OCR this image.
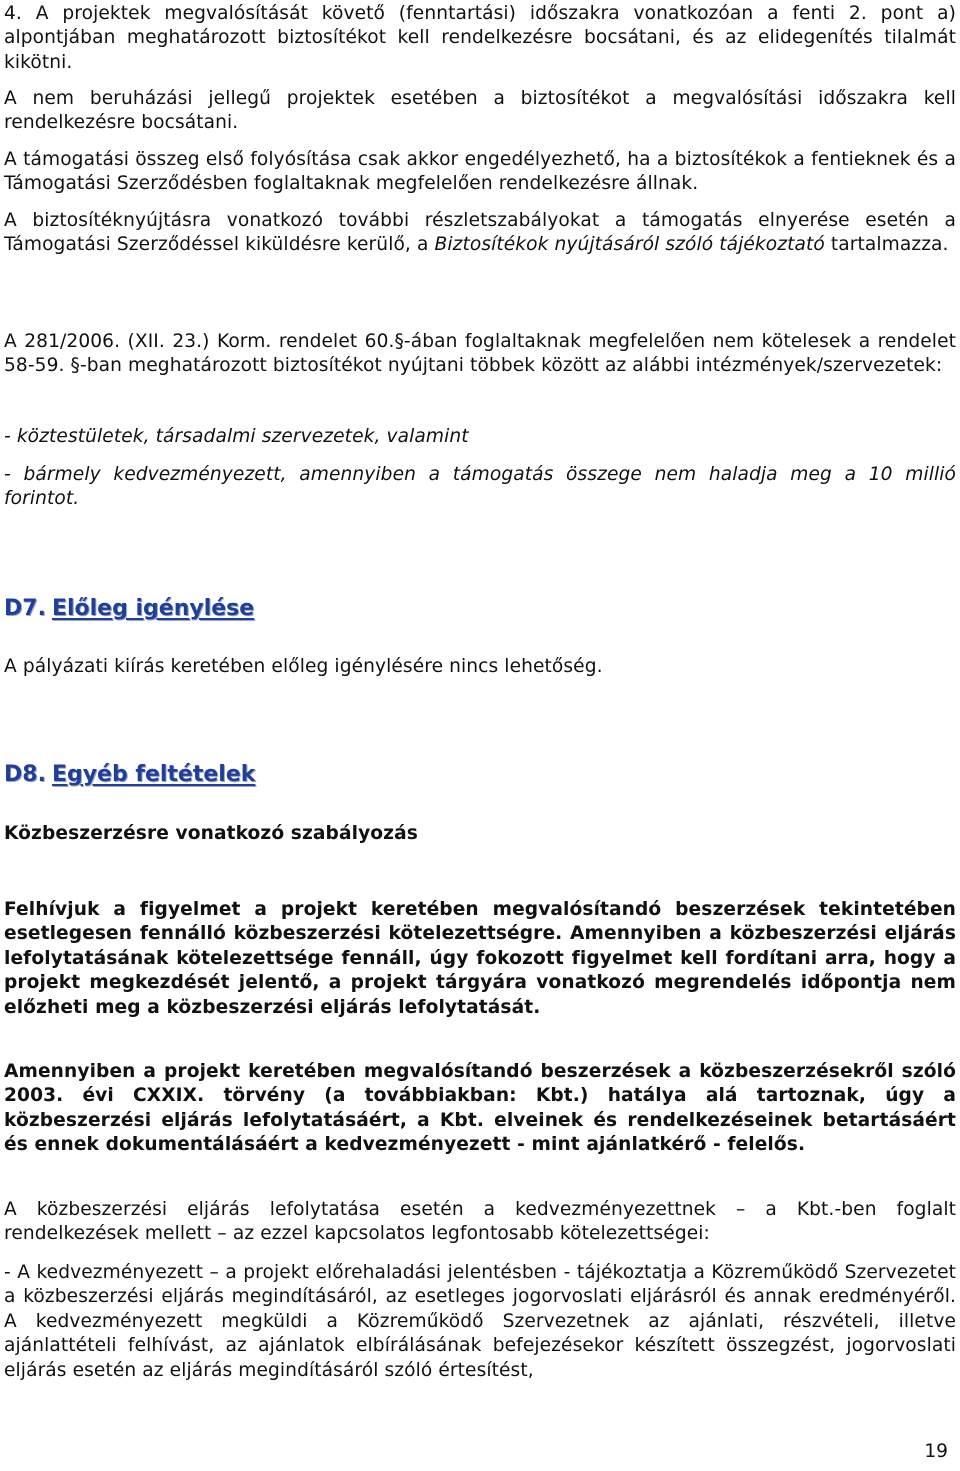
4. A projektek megvalósítását követő (fenntartási) időszakra vonatkozóan a fenti 2. pont a) alpontjában meghatározott biztosítékot kell rendelkezésre bocsátani, és az elidegenítés tilalmát kikötni.

A nem beruházási jellegű projektek esetében a biztosítékot a megvalósítási időszakra kell rendelkezésre bocsátani.

A támogatási összeg első folyósítása csak akkor engedélyezhető, ha a biztosítékok a fentieknek és a Támogatási Szerződésben foglaltaknak megfelelően rendelkezésre állnak.

A biztosítéknyújtásra vonatkozó további részletszabályokat a támogatás elnyerése esetén a Támogatási Szerződéssel kiküldésre kerülő, a Biztosítékok nyújtásáról szóló tájékoztató tartalmazza.

A 281/2006. (XII. 23.) Korm. rendelet 60.§-ában foglaltaknak megfelelően nem kötelesek a rendelet 58-59. §-ban meghatározott biztosítékot nyújtani többek között az alábbi intézmények/szervezetek:

- köztestületek, társadalmi szervezetek, valamint

- bármely kedvezményezett, amennyiben a támogatás összege nem haladja meg a 10 millió forintot.

D7. Előleg igénylése

A pályázati kiírás keretében előleg igénylésére nincs lehetőség.

D8. Egyéb feltételek

Közbeszerzésre vonatkozó szabályozás

Felhívjuk a figyelmet a projekt keretében megvalósítandó beszerzések tekintetében esetlegesen fennálló közbeszerzési kötelezettségre. Amennyiben a közbeszerzési eljárás lefolytatásának kötelezettsége fennáll, úgy fokozott figyelmet kell fordítani arra, hogy a projekt megkezdését jelentő, a projekt tárgyára vonatkozó megrendelés időpontja nem előzheti meg a közbeszerzési eljárás lefolytatását.

Amennyiben a projekt keretében megvalósítandó beszerzések a közbeszerzésekről szóló 2003. évi CXXIX. törvény (a továbbiakban: Kbt.) hatálya alá tartoznak, úgy a közbeszerzési eljárás lefolytatásáért, a Kbt. elveinek és rendelkezéseinek betartásáért és ennek dokumentálásáért a kedvezményezett - mint ajánlatkérő - felelős.

A közbeszerzési eljárás lefolytatása esetén a kedvezményezettnek – a Kbt.-ben foglalt rendelkezések mellett – az ezzel kapcsolatos legfontosabb kötelezettségei:

- A kedvezményezett – a projekt előrehaladási jelentésben - tájékoztatja a Közreműködő Szervezetet a közbeszerzési eljárás megindításáról, az esetleges jogorvoslati eljárásról és annak eredményéről. A kedvezményezett megküldi a Közreműködő Szervezetnek az ajánlati, részvételi, illetve ajánlattételi felhívást, az ajánlatok elbírálásának befejezésekor készített összegzést, jogorvoslati eljárás esetén az eljárás megindításáról szóló értesítést,

19
